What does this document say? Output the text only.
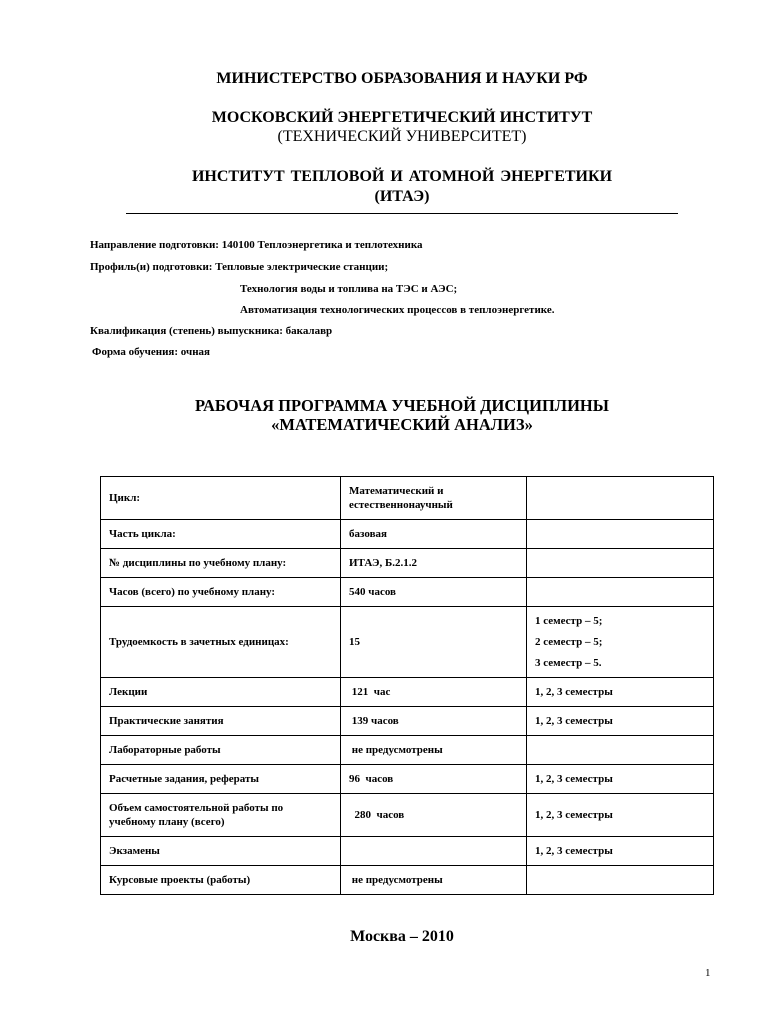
МИНИСТЕРСТВО ОБРАЗОВАНИЯ И НАУКИ РФ
МОСКОВСКИЙ ЭНЕРГЕТИЧЕСКИЙ ИНСТИТУТ
(ТЕХНИЧЕСКИЙ УНИВЕРСИТЕТ)
ИНСТИТУТ ТЕПЛОВОЙ И АТОМНОЙ ЭНЕРГЕТИКИ
(ИТАЭ)
Направление подготовки: 140100 Теплоэнергетика и теплотехника
Профиль(и) подготовки: Тепловые электрические станции;
Технология воды и топлива на ТЭС и АЭС;
Автоматизация технологических процессов в теплоэнергетике.
Квалификация (степень) выпускника: бакалавр
Форма обучения: очная
РАБОЧАЯ ПРОГРАММА УЧЕБНОЙ ДИСЦИПЛИНЫ
«МАТЕМАТИЧЕСКИЙ АНАЛИЗ»
Цикл:	Математический и
естественнонаучный	

Часть цикла:	базовая	
№ дисциплины по учебному плану:	ИТАЭ, Б.2.1.2	
Часов (всего) по учебному плану:	540 часов	
Трудоемкость в зачетных единицах:	15	1 семестр – 5;
2 семестр – 5;
3 семестр – 5.

Лекции	121  час	1, 2, 3 семестры
Практические занятия	139 часов	1, 2, 3 семестры
Лабораторные работы	не предусмотрены	
Расчетные задания, рефераты	96  часов	1, 2, 3 семестры

Объем самостоятельной работы по
учебному плану (всего)	280  часов	1, 2, 3 семестры
Экзамены		1, 2, 3 семестры
Курсовые проекты (работы)	не предусмотрены	
Москва – 2010
1
